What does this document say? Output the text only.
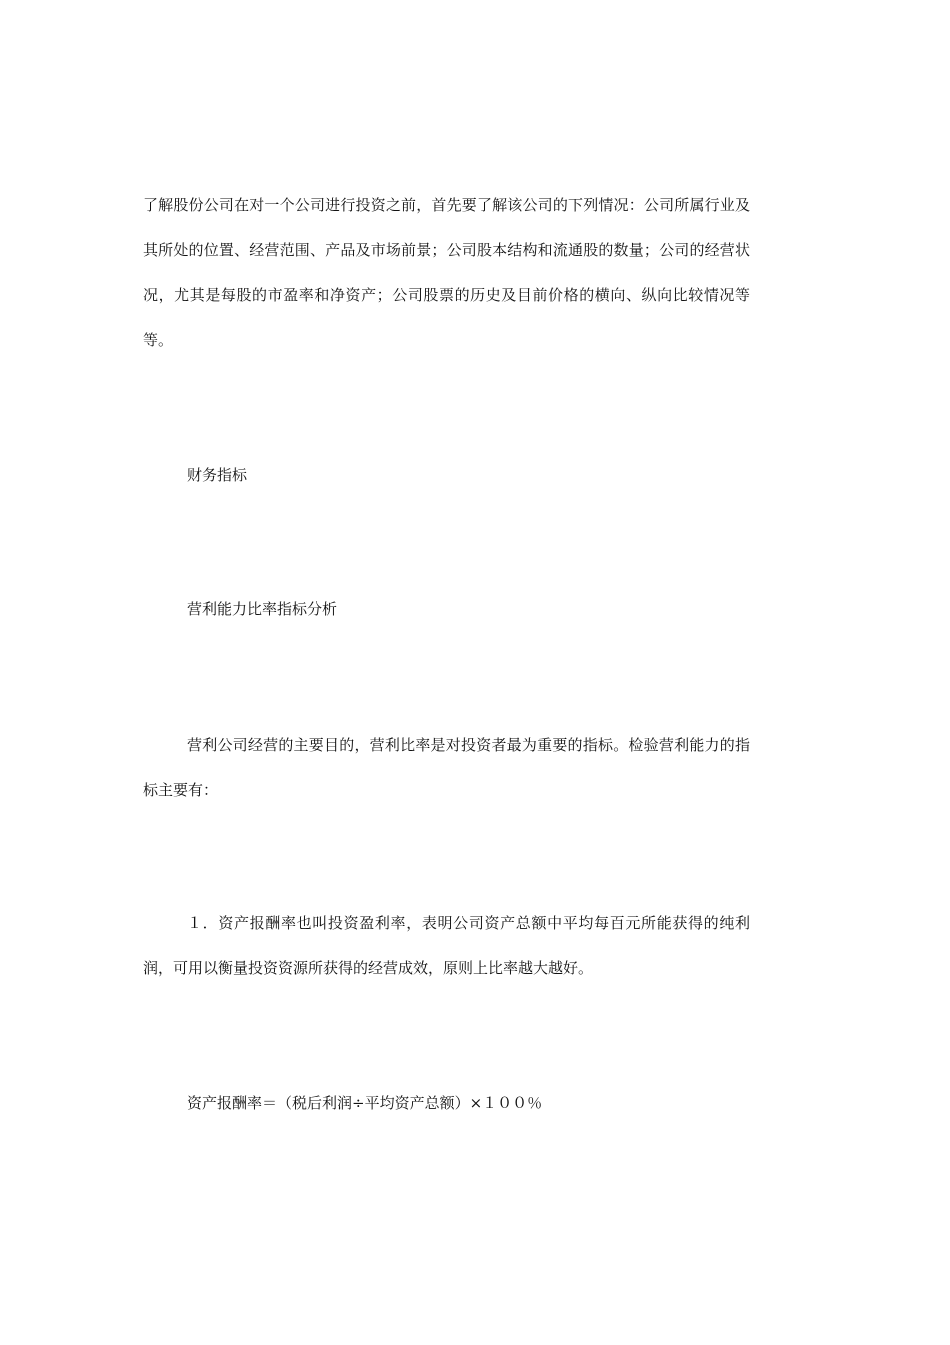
了解股份公司在对一个公司进行投资之前，首先要了解该公司的下列情况：公司所属行业及其所处的位置、经营范围、产品及市场前景；公司股本结构和流通股的数量；公司的经营状况，尤其是每股的市盈率和净资产；公司股票的历史及目前价格的横向、纵向比较情况等等。

财务指标

营利能力比率指标分析

营利公司经营的主要目的，营利比率是对投资者最为重要的指标。检验营利能力的指标主要有：

１．资产报酬率也叫投资盈利率，表明公司资产总额中平均每百元所能获得的纯利润，可用以衡量投资资源所获得的经营成效，原则上比率越大越好。

资产报酬率＝（税后利润÷平均资产总额）×１００％
